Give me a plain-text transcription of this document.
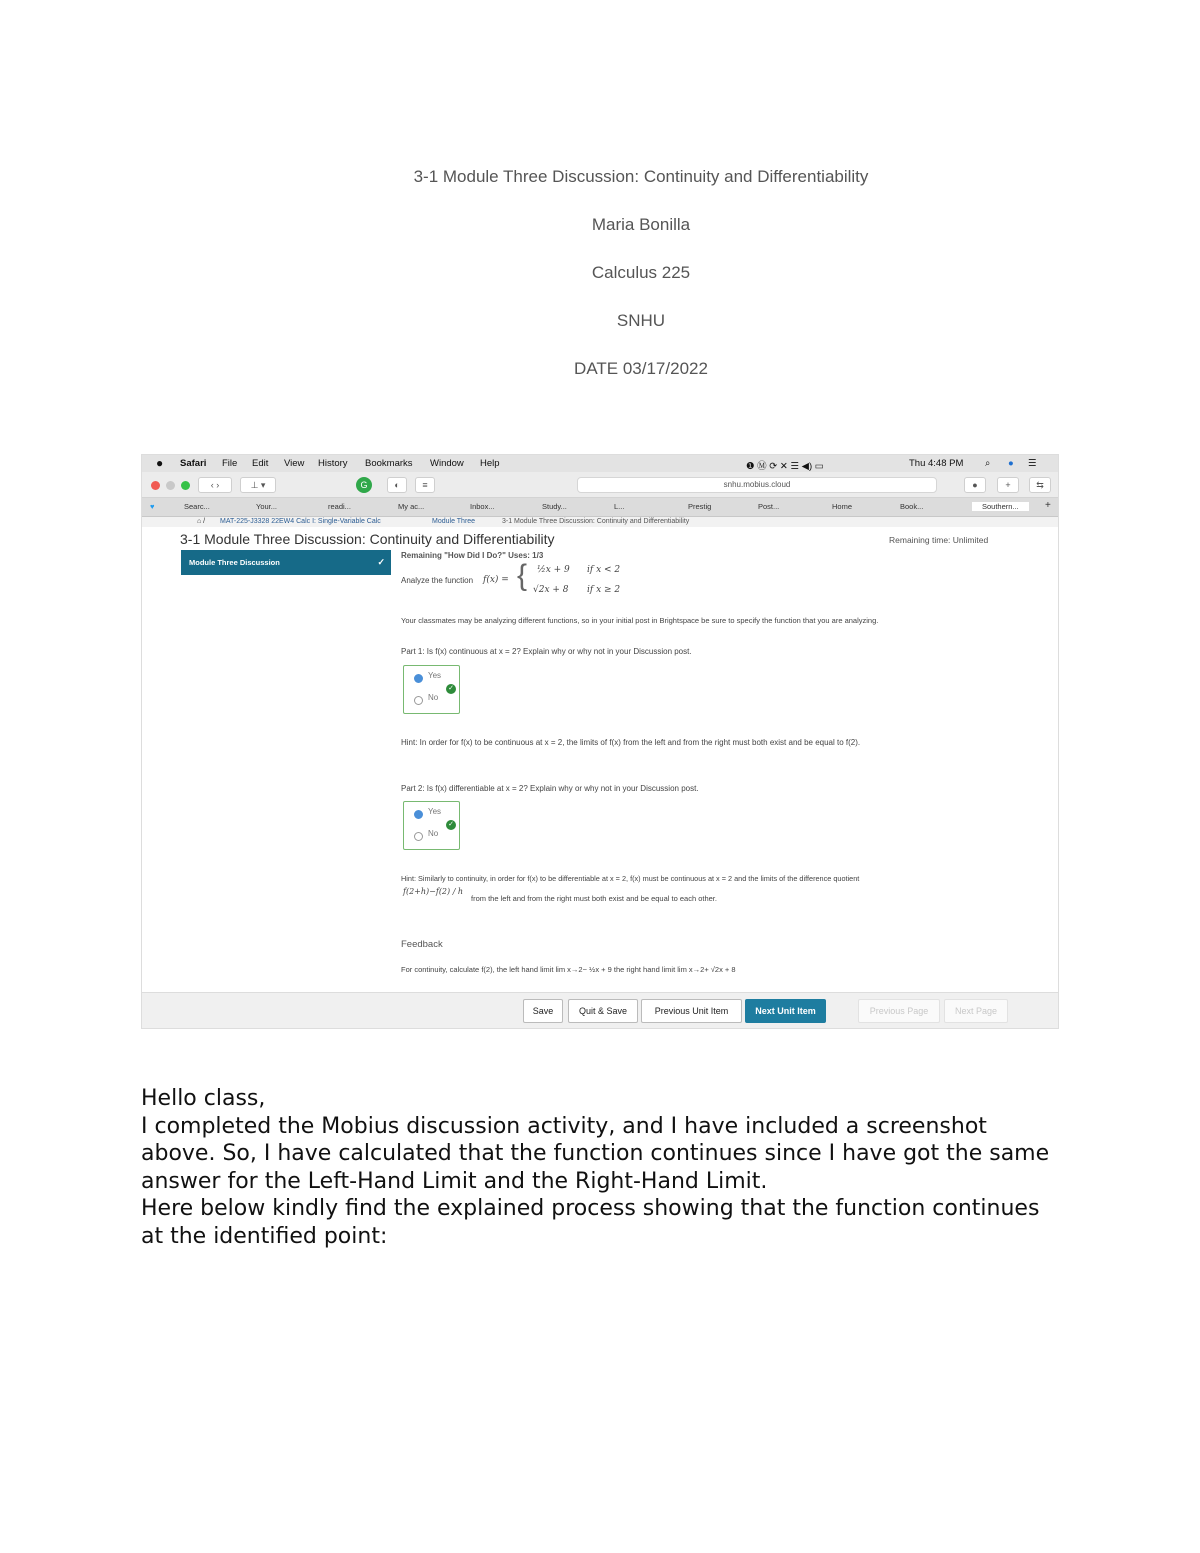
3-1 Module Three Discussion: Continuity and Differentiability
Maria Bonilla
Calculus 225
SNHU
DATE 03/17/2022
● Safari File Edit View History Bookmarks Window Help	❶ Ⓜ ⟳ ✕ ☰ ◀) ▭	Thu 4:48 PM ⌕ ● ☰
‹ ›	⊥ ▾	G	◐	≡	snhu.mobius.cloud	●	+	⇆
♥	Searc...	Your...	readi...	My ac...	Inbox...	Study...	L...	Prestig	Post...	Home	Book...	Southern...	+
⌂ / MAT-225-J3328 22EW4 Calc I: Single-Variable Calc	Module Three	3-1 Module Three Discussion: Continuity and Differentiability
3-1 Module Three Discussion: Continuity and Differentiability	Remaining time: Unlimited
Module Three Discussion	✓
Remaining "How Did I Do?" Uses: 1/3
Analyze the function f(x) = { ½x + 9 if x < 2
√2x + 8 if x ≥ 2
Your classmates may be analyzing different functions, so in your initial post in Brightspace be sure to specify the function that you are analyzing.
Part 1: Is f(x) continuous at x = 2? Explain why or why not in your Discussion post.
Yes
No
✓
Hint: In order for f(x) to be continuous at x = 2, the limits of f(x) from the left and from the right must both exist and be equal to f(2).
Part 2: Is f(x) differentiable at x = 2? Explain why or why not in your Discussion post.
Yes
No
✓
Hint: Similarly to continuity, in order for f(x) to be differentiable at x = 2, f(x) must be continuous at x = 2 and the limits of the difference quotient
f(2+h)−f(2) / h
from the left and from the right must both exist and be equal to each other.
Feedback
For continuity, calculate f(2), the left hand limit lim x→2− ½x + 9 the right hand limit lim x→2+ √2x + 8
Save	Quit & Save	Previous Unit Item	Next Unit Item	Previous Page	Next Page

Hello class,

I completed the Mobius discussion activity, and I have included a screenshot above. So, I have calculated that the function continues since I have got the same answer for the Left-Hand Limit and the Right-Hand Limit.

Here below kindly find the explained process showing that the function continues at the identified point:
